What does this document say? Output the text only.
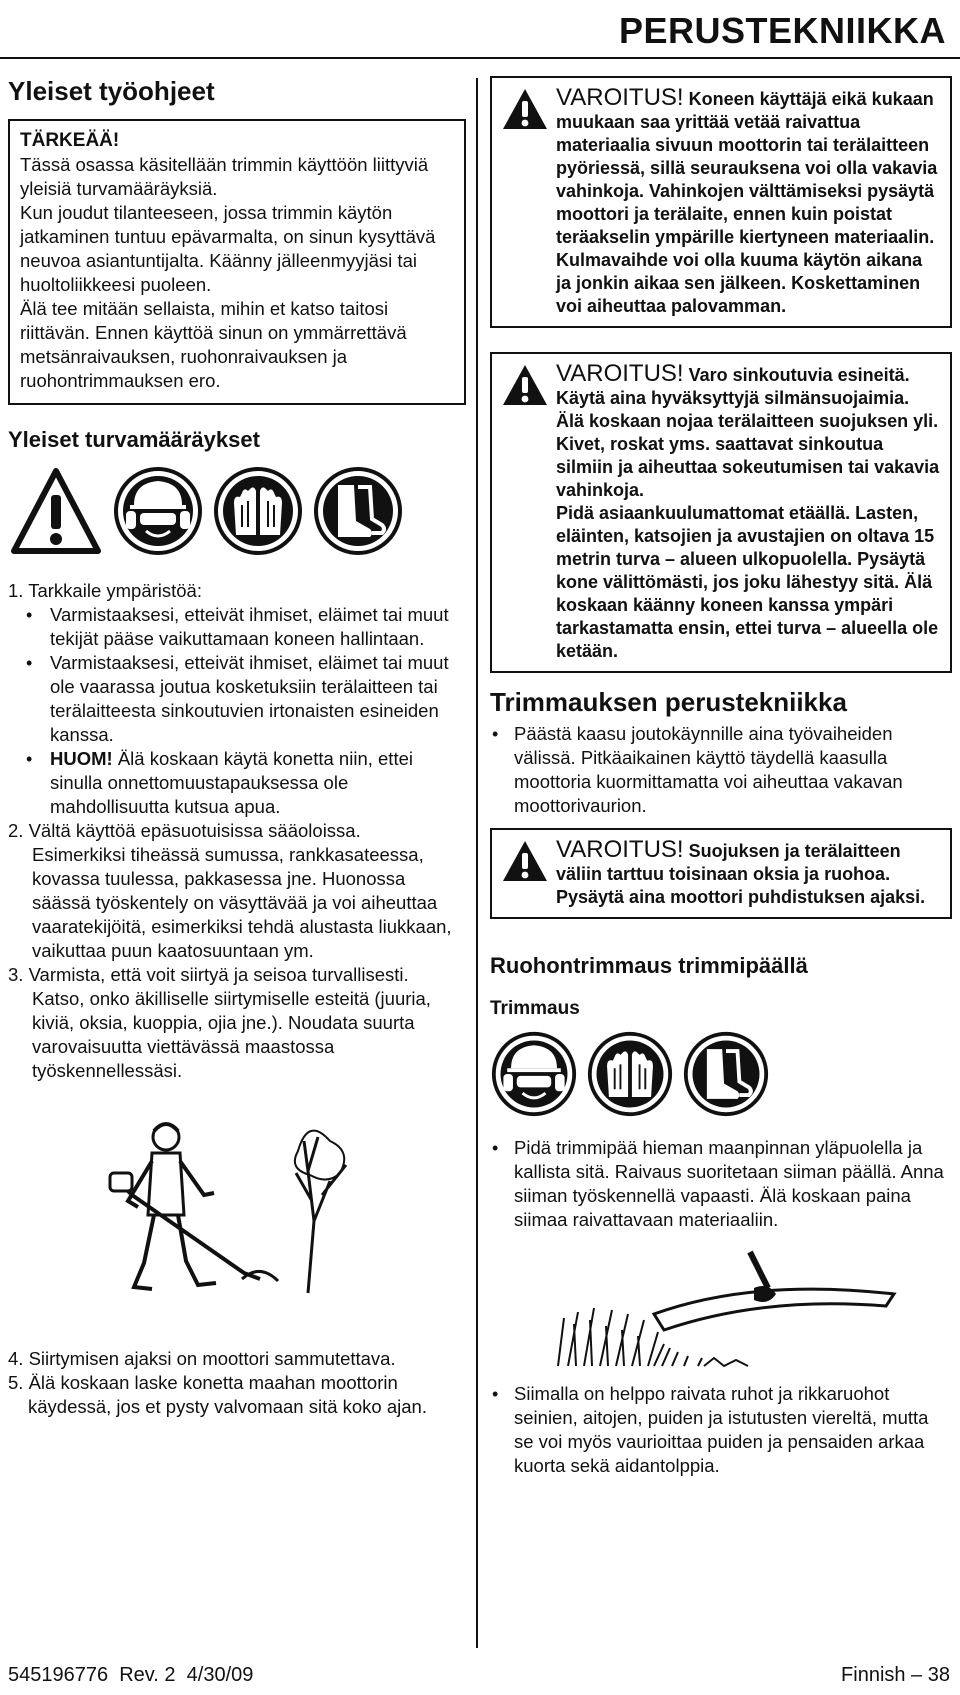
PERUSTEKNIIKKA
Yleiset työohjeet
TÄRKEÄÄ!

Tässä osassa käsitellään trimmin käyttöön liittyviä yleisiä turvamääräyksiä.

Kun joudut tilanteeseen, jossa trimmin käytön jatkaminen tuntuu epävarmalta, on sinun kysyttävä neuvoa asiantuntijalta. Käänny jälleenmyyjäsi tai huoltoliikkeesi puoleen.

Älä tee mitään sellaista, mihin et katso taitosi riittävän. Ennen käyttöä sinun on ymmärrettävä metsänraivauksen, ruohonraivauksen ja ruohontrimmauksen ero.

Yleiset turvamääräykset

1. Tarkkaile ympäristöä:

• Varmistaaksesi, etteivät ihmiset, eläimet tai muut tekijät pääse vaikuttamaan koneen hallintaan.
• Varmistaaksesi, etteivät ihmiset, eläimet tai muut ole vaarassa joutua kosketuksiin terälaitteen tai terälaitteesta sinkoutuvien irtonaisten esineiden kanssa.
• HUOM! Älä koskaan käytä konetta niin, ettei sinulla onnettomuustapauksessa ole mahdollisuutta kutsua apua.

2. Vältä käyttöä epäsuotuisissa sääoloissa.

Esimerkiksi tiheässä sumussa, rankkasateessa, kovassa tuulessa, pakkasessa jne. Huonossa säässä työskentely on väsyttävää ja voi aiheuttaa vaaratekijöitä, esimerkiksi tehdä alustasta liukkaan, vaikuttaa puun kaatosuuntaan ym.

3. Varmista, että voit siirtyä ja seisoa turvallisesti.

Katso, onko äkilliselle siirtymiselle esteitä (juuria, kiviä, oksia, kuoppia, ojia jne.). Noudata suurta varovaisuutta viettävässä maastossa työskennellessäsi.

4. Siirtymisen ajaksi on moottori sammutettava.

5. Älä koskaan laske konetta maahan moottorin käydessä, jos et pysty valvomaan sitä koko ajan.

VAROITUS! Koneen käyttäjä eikä kukaan muukaan saa yrittää vetää raivattua materiaalia sivuun moottorin tai terälaitteen pyöriessä, sillä seurauksena voi olla vakavia vahinkoja. Vahinkojen välttämiseksi pysäytä moottori ja terälaite, ennen kuin poistat teräakselin ympärille kiertyneen materiaalin. Kulmavaihde voi olla kuuma käytön aikana ja jonkin aikaa sen jälkeen. Koskettaminen voi aiheuttaa palovamman.
VAROITUS! Varo sinkoutuvia esineitä. Käytä aina hyväksyttyjä silmänsuojaimia. Älä koskaan nojaa terälaitteen suojuksen yli. Kivet, roskat yms. saattavat sinkoutua silmiin ja aiheuttaa sokeutumisen tai vakavia vahinkoja.
Pidä asiaankuulumattomat etäällä. Lasten, eläinten, katsojien ja avustajien on oltava 15 metrin turva – alueen ulkopuolella. Pysäytä kone välittömästi, jos joku lähestyy sitä. Älä koskaan käänny koneen kanssa ympäri tarkastamatta ensin, ettei turva – alueella ole ketään.
Trimmauksen perustekniikka
• Päästä kaasu joutokäynnille aina työvaiheiden välissä. Pitkäaikainen käyttö täydellä kaasulla moottoria kuormittamatta voi aiheuttaa vakavan moottorivaurion.
VAROITUS! Suojuksen ja terälaitteen väliin tarttuu toisinaan oksia ja ruohoa. Pysäytä aina moottori puhdistuksen ajaksi.
Ruohontrimmaus trimmipäällä
Trimmaus
• Pidä trimmipää hieman maanpinnan yläpuolella ja kallista sitä. Raivaus suoritetaan siiman päällä. Anna siiman työskennellä vapaasti. Älä koskaan paina siimaa raivattavaan materiaaliin.
• Siimalla on helppo raivata ruhot ja rikkaruohot seinien, aitojen, puiden ja istutusten viereltä, mutta se voi myös vaurioittaa puiden ja pensaiden arkaa kuorta sekä aidantolppia.
545196776  Rev. 2  4/30/09	Finnish – 38
